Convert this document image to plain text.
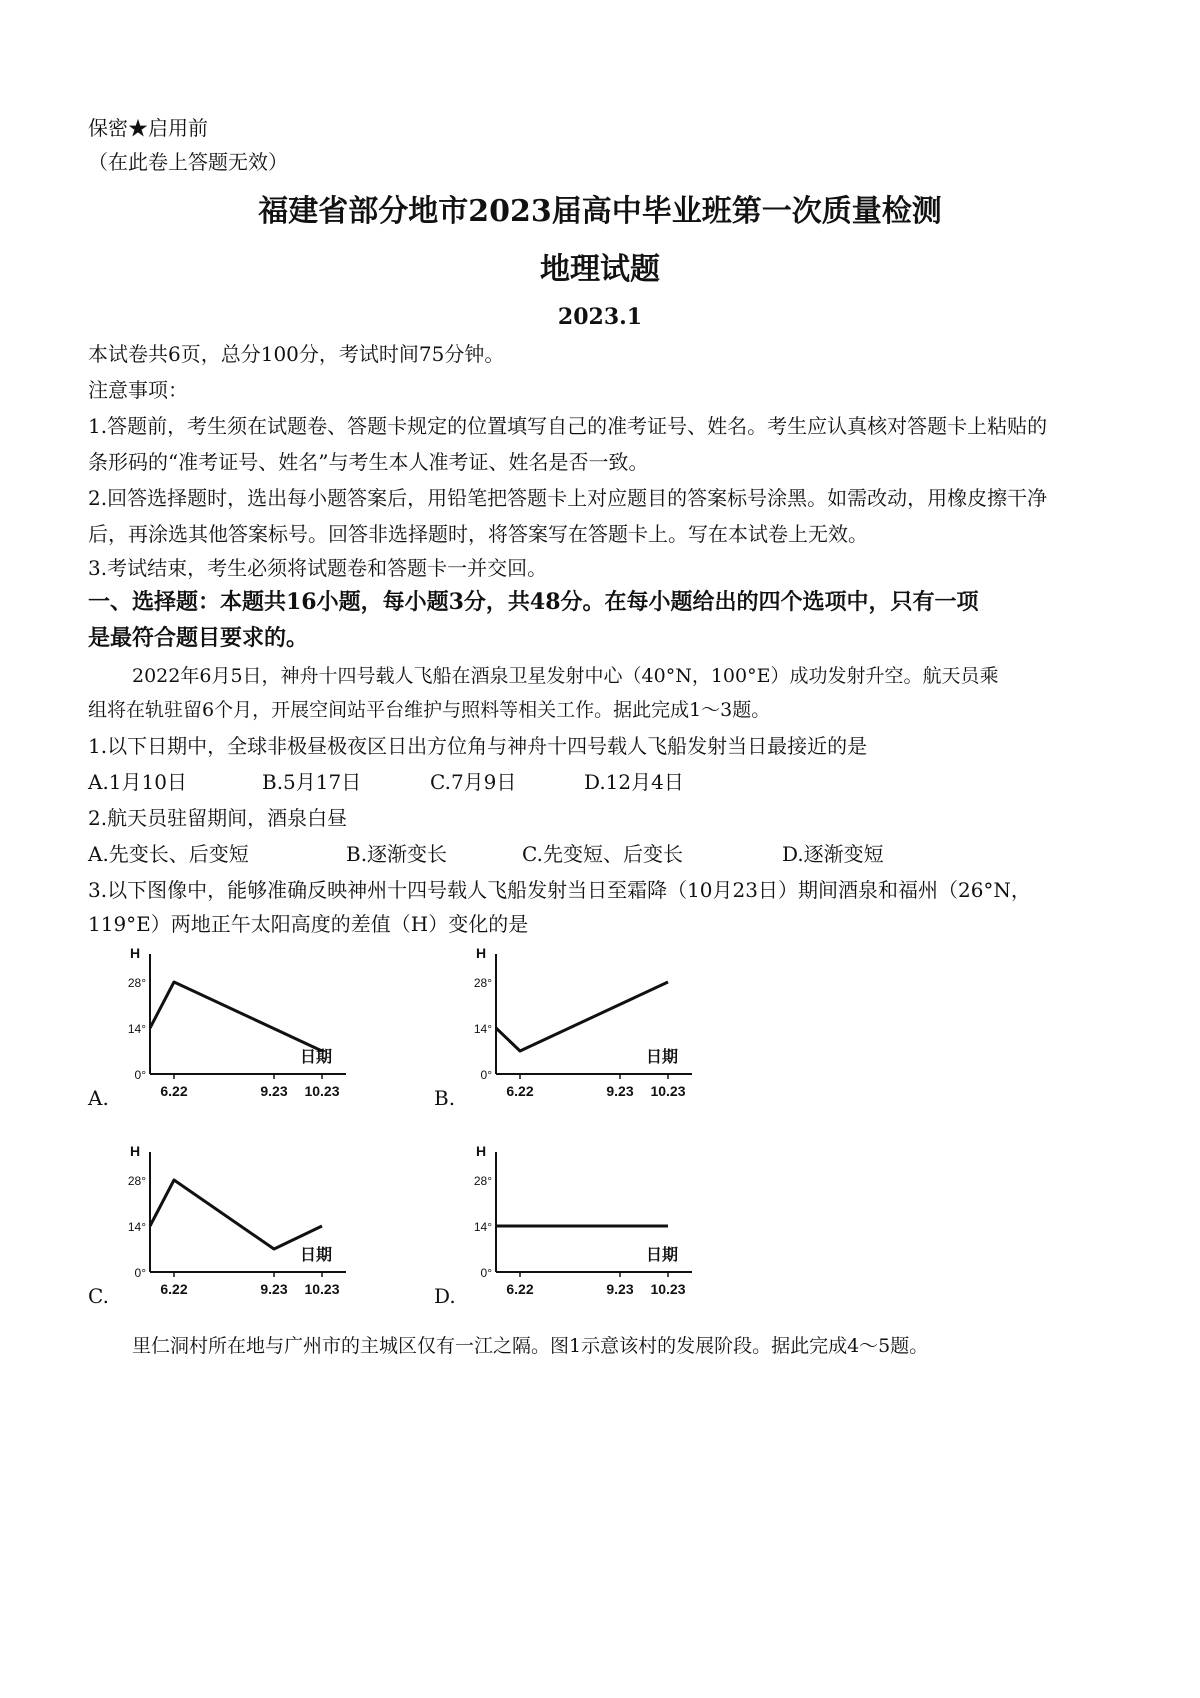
保密★启用前
（在此卷上答题无效）
福建省部分地市2023届高中毕业班第一次质量检测
地理试题
2023.1
本试卷共6页，总分100分，考试时间75分钟。
注意事项：
1.答题前，考生须在试题卷、答题卡规定的位置填写自己的准考证号、姓名。考生应认真核对答题卡上粘贴的
条形码的“准考证号、姓名”与考生本人准考证、姓名是否一致。
2.回答选择题时，选出每小题答案后，用铅笔把答题卡上对应题目的答案标号涂黑。如需改动，用橡皮擦干净
后，再涂选其他答案标号。回答非选择题时，将答案写在答题卡上。写在本试卷上无效。
3.考试结束，考生必须将试题卷和答题卡一并交回。
一、选择题：本题共16小题，每小题3分，共48分。在每小题给出的四个选项中，只有一项
是最符合题目要求的。
2022年6月5日，神舟十四号载人飞船在酒泉卫星发射中心（40°N，100°E）成功发射升空。航天员乘
组将在轨驻留6个月，开展空间站平台维护与照料等相关工作。据此完成1～3题。
1.以下日期中，全球非极昼极夜区日出方位角与神舟十四号载人飞船发射当日最接近的是
A.1月10日	B.5月17日	C.7月9日	D.12月4日
2.航天员驻留期间，酒泉白昼
A.先变长、后变短	B.逐渐变长	C.先变短、后变长	D.逐渐变短
3.以下图像中，能够准确反映神州十四号载人飞船发射当日至霜降（10月23日）期间酒泉和福州（26°N，
119°E）两地正午太阳高度的差值（H）变化的是
A.	B.
C.	D.
H
日期
28°
14°
0°
6.22	9.23 10.23
H
日期
28°
14°
0°
6.22	9.23 10.23
H
日期
28°
14°
0°
6.22	9.23 10.23
H
日期
28°
14°
0°
6.22	9.23 10.23
里仁洞村所在地与广州市的主城区仅有一江之隔。图1示意该村的发展阶段。据此完成4～5题。
